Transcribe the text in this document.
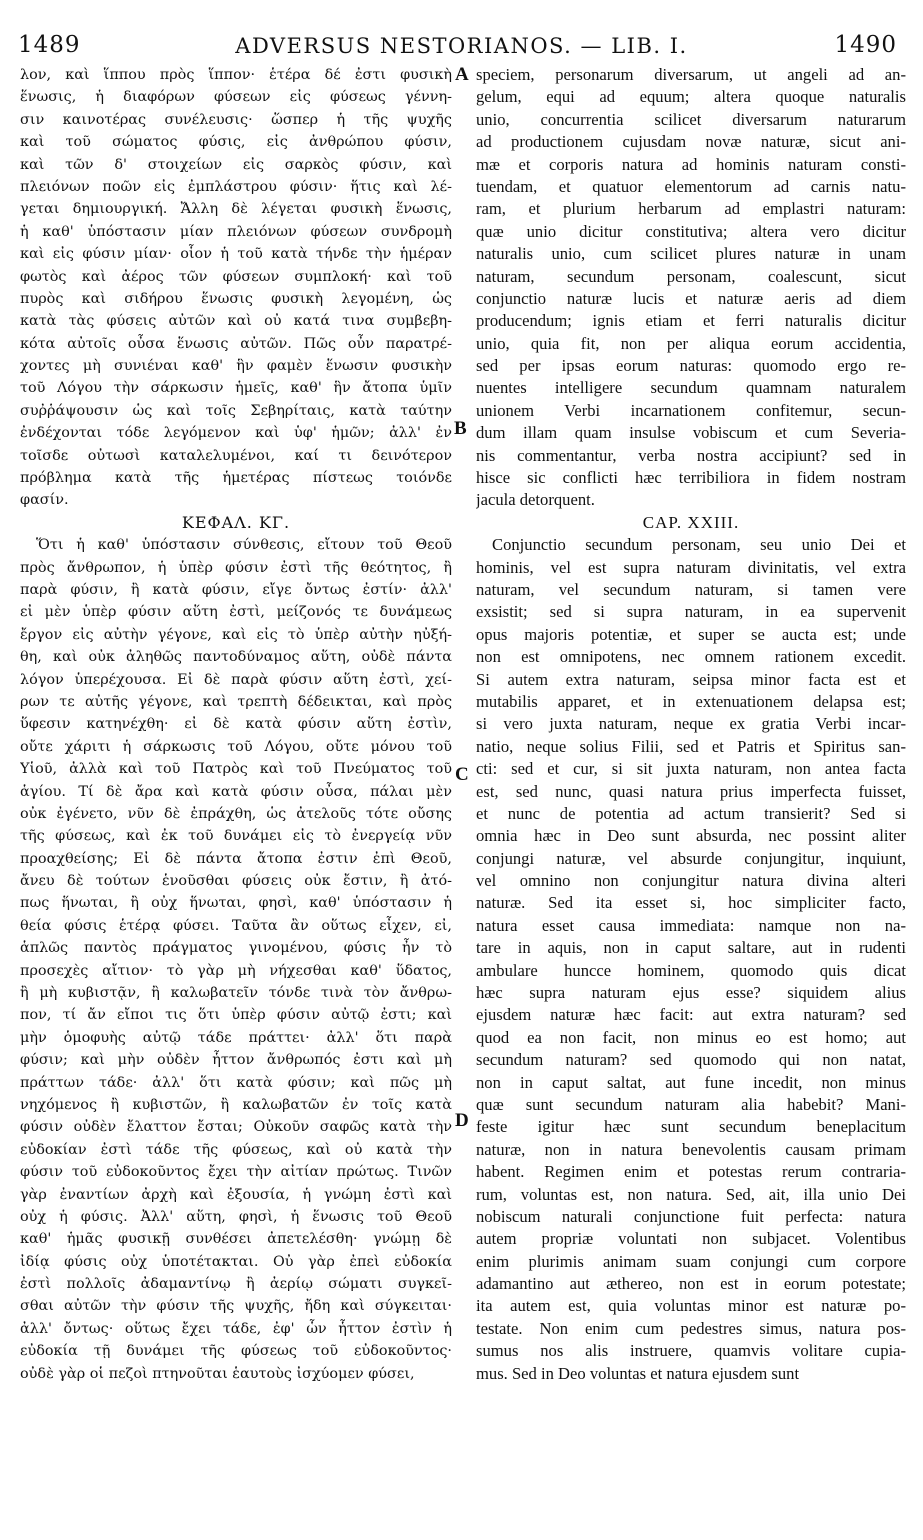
1489	ADVERSUS NESTORIANOS. — LIB. I.	1490
λον, καὶ ἵππου πρὸς ἵππον· ἑτέρα δέ ἐστι φυσικὴ
ἕνωσις, ἡ διαφόρων φύσεων εἰς φύσεως γέννη-
σιν καινοτέρας συνέλευσις· ὥσπερ ἡ τῆς ψυχῆς
καὶ τοῦ σώματος φύσις, εἰς ἀνθρώπου φύσιν,
καὶ τῶν δ' στοιχείων εἰς σαρκὸς φύσιν, καὶ
πλειόνων ποῶν εἰς ἐμπλάστρου φύσιν· ἥτις καὶ λέ-
γεται δημιουργική. Ἄλλη δὲ λέγεται φυσικὴ ἕνωσις,
ἡ καθ' ὑπόστασιν μίαν πλειόνων φύσεων συνδρομὴ
καὶ εἰς φύσιν μίαν· οἷον ἡ τοῦ κατὰ τήνδε τὴν ἡμέραν
φωτὸς καὶ ἀέρος τῶν φύσεων συμπλοκή· καὶ τοῦ
πυρὸς καὶ σιδήρου ἕνωσις φυσικὴ λεγομένη, ὡς
κατὰ τὰς φύσεις αὐτῶν καὶ οὐ κατά τινα συμβεβη-
κότα αὐτοῖς οὖσα ἕνωσις αὐτῶν. Πῶς οὖν παρατρέ-
χοντες μὴ συνιέναι καθ' ἣν φαμὲν ἕνωσιν φυσικὴν
τοῦ Λόγου τὴν σάρκωσιν ἡμεῖς, καθ' ἣν ἄτοπα ὑμῖν
συῤῥάψουσιν ὡς καὶ τοῖς Σεβηρίταις, κατὰ ταύτην
ἐνδέχονται τόδε λεγόμενον καὶ ὑφ' ἡμῶν; ἀλλ' ἐν
τοῖσδε οὐτωσὶ καταλελυμένοι, καί τι δεινότερον
πρόβλημα κατὰ τῆς ἡμετέρας πίστεως τοιόνδε
φασίν.
ΚΕΦΑΛ. ΚΓ.
Ὅτι ἡ καθ' ὑπόστασιν σύνθεσις, εἴτουν τοῦ Θεοῦ
πρὸς ἄνθρωπον, ἡ ὑπὲρ φύσιν ἐστὶ τῆς θεότητος, ἢ
παρὰ φύσιν, ἢ κατὰ φύσιν, εἴγε ὄντως ἐστίν· ἀλλ'
εἰ μὲν ὑπὲρ φύσιν αὕτη ἐστὶ, μείζονός τε δυνάμεως
ἔργον εἰς αὐτὴν γέγονε, καὶ εἰς τὸ ὑπὲρ αὐτὴν ηὐξή-
θη, καὶ οὐκ ἀληθῶς παντοδύναμος αὕτη, οὐδὲ πάντα
λόγον ὑπερέχουσα. Εἰ δὲ παρὰ φύσιν αὕτη ἐστὶ, χεί-
ρων τε αὐτῆς γέγονε, καὶ τρεπτὴ δέδεικται, καὶ πρὸς
ὕφεσιν κατηνέχθη· εἰ δὲ κατὰ φύσιν αὕτη ἐστὶν,
οὔτε χάριτι ἡ σάρκωσις τοῦ Λόγου, οὔτε μόνου τοῦ
Υἱοῦ, ἀλλὰ καὶ τοῦ Πατρὸς καὶ τοῦ Πνεύματος τοῦ
ἁγίου. Τί δὲ ἄρα καὶ κατὰ φύσιν οὖσα, πάλαι μὲν
οὐκ ἐγένετο, νῦν δὲ ἐπράχθη, ὡς ἀτελοῦς τότε οὔσης
τῆς φύσεως, καὶ ἐκ τοῦ δυνάμει εἰς τὸ ἐνεργείᾳ νῦν
προαχθείσης; Εἰ δὲ πάντα ἄτοπα ἐστιν ἐπὶ Θεοῦ,
ἄνευ δὲ τούτων ἑνοῦσθαι φύσεις οὐκ ἔστιν, ἢ ἀτό-
πως ἥνωται, ἢ οὐχ ἥνωται, φησὶ, καθ' ὑπόστασιν ἡ
θεία φύσις ἑτέρᾳ φύσει. Ταῦτα ἂν οὕτως εἶχεν, εἰ,
ἁπλῶς παντὸς πράγματος γινομένου, φύσις ἦν τὸ
προσεχὲς αἴτιον· τὸ γὰρ μὴ νήχεσθαι καθ' ὕδατος,
ἢ μὴ κυβιστᾷν, ἢ καλωβατεῖν τόνδε τινὰ τὸν ἄνθρω-
πον, τί ἄν εἴποι τις ὅτι ὑπὲρ φύσιν αὐτῷ ἐστι; καὶ
μὴν ὁμοφυὴς αὐτῷ τάδε πράττει· ἀλλ' ὅτι παρὰ
φύσιν; καὶ μὴν οὐδὲν ἧττον ἄνθρωπός ἐστι καὶ μὴ
πράττων τάδε· ἀλλ' ὅτι κατὰ φύσιν; καὶ πῶς μὴ
νηχόμενος ἢ κυβιστῶν, ἢ καλωβατῶν ἐν τοῖς κατὰ
φύσιν οὐδὲν ἔλαττον ἔσται; Οὐκοῦν σαφῶς κατὰ τὴν
εὐδοκίαν ἐστὶ τάδε τῆς φύσεως, καὶ οὐ κατὰ τὴν
φύσιν τοῦ εὐδοκοῦντος ἔχει τὴν αἰτίαν πρώτως. Τινῶν
γὰρ ἐναντίων ἀρχὴ καὶ ἐξουσία, ἡ γνώμη ἐστὶ καὶ
οὐχ ἡ φύσις. Ἀλλ' αὕτη, φησὶ, ἡ ἕνωσις τοῦ Θεοῦ
καθ' ἡμᾶς φυσικῇ συνθέσει ἀπετελέσθη· γνώμῃ δὲ
ἰδίᾳ φύσις οὐχ ὑποτέτακται. Οὐ γὰρ ἐπεὶ εὐδοκία
ἐστὶ πολλοῖς ἀδαμαντίνῳ ἢ ἀερίῳ σώματι συγκεῖ-
σθαι αὐτῶν τὴν φύσιν τῆς ψυχῆς, ἤδη καὶ σύγκειται·
ἀλλ' ὄντως· οὕτως ἔχει τάδε, ἐφ' ὧν ἧττον ἐστὶν ἡ
εὐδοκία τῇ δυνάμει τῆς φύσεως τοῦ εὐδοκοῦντος·
οὐδὲ γὰρ οἱ πεζοὶ πτηνοῦται ἑαυτοὺς ἰσχύομεν φύσει,
speciem, personarum diversarum, ut angeli ad an-
gelum, equi ad equum; altera quoque naturalis
unio, concurrentia scilicet diversarum naturarum
ad productionem cujusdam novæ naturæ, sicut ani-
mæ et corporis natura ad hominis naturam consti-
tuendam, et quatuor elementorum ad carnis natu-
ram, et plurium herbarum ad emplastri naturam:
quæ unio dicitur constitutiva; altera vero dicitur
naturalis unio, cum scilicet plures naturæ in unam
naturam, secundum personam, coalescunt, sicut
conjunctio naturæ lucis et naturæ aeris ad diem
producendum; ignis etiam et ferri naturalis dicitur
unio, quia fit, non per aliqua eorum accidentia,
sed per ipsas eorum naturas: quomodo ergo re-
nuentes intelligere secundum quamnam naturalem
unionem Verbi incarnationem confitemur, secun-
dum illam quam insulse vobiscum et cum Severia-
nis commentantur, verba nostra accipiunt? sed in
hisce sic conflicti hæc terribiliora in fidem nostram
jacula detorquent.
CAP. XXIII.
Conjunctio secundum personam, seu unio Dei et
hominis, vel est supra naturam divinitatis, vel extra
naturam, vel secundum naturam, si tamen vere
exsistit; sed si supra naturam, in ea supervenit
opus majoris potentiæ, et super se aucta est; unde
non est omnipotens, nec omnem rationem excedit.
Si autem extra naturam, seipsa minor facta est et
mutabilis apparet, et in extenuationem delapsa est;
si vero juxta naturam, neque ex gratia Verbi incar-
natio, neque solius Filii, sed et Patris et Spiritus san-
cti: sed et cur, si sit juxta naturam, non antea facta
est, sed nunc, quasi natura prius imperfecta fuisset,
et nunc de potentia ad actum transierit? Sed si
omnia hæc in Deo sunt absurda, nec possint aliter
conjungi naturæ, vel absurde conjungitur, inquiunt,
vel omnino non conjungitur natura divina alteri
naturæ. Sed ita esset si, hoc simpliciter facto,
natura esset causa immediata: namque non na-
tare in aquis, non in caput saltare, aut in rudenti
ambulare huncce hominem, quomodo quis dicat
hæc supra naturam ejus esse? siquidem alius
ejusdem naturæ hæc facit: aut extra naturam? sed
quod ea non facit, non minus eo est homo; aut
secundum naturam? sed quomodo qui non natat,
non in caput saltat, aut fune incedit, non minus
quæ sunt secundum naturam alia habebit? Mani-
feste igitur hæc sunt secundum beneplacitum
naturæ, non in natura benevolentis causam primam
habent. Regimen enim et potestas rerum contraria-
rum, voluntas est, non natura. Sed, ait, illa unio Dei
nobiscum naturali conjunctione fuit perfecta: natura
autem propriæ voluntati non subjacet. Volentibus
enim plurimis animam suam conjungi cum corpore
adamantino aut æthereo, non est in eorum potestate;
ita autem est, quia voluntas minor est naturæ po-
testate. Non enim cum pedestres simus, natura pos-
sumus nos alis instruere, quamvis volitare cupia-
mus. Sed in Deo voluntas et natura ejusdem sunt
A
B
C
D
